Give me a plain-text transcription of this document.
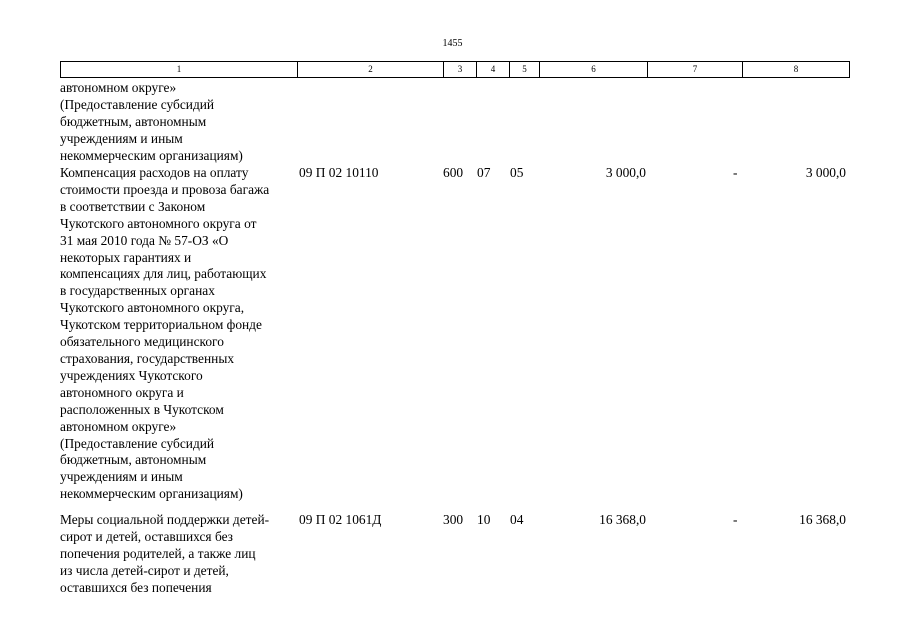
1455
1	2	3	4	5	6	7	8
автономном округе»
(Предоставление субсидий
бюджетным, автономным
учреждениям и иным
некоммерческим организациям)
Компенсация расходов на оплату
стоимости проезда и провоза багажа
в соответствии с Законом
Чукотского автономного округа от
31 мая 2010 года № 57-ОЗ «О
некоторых гарантиях и
компенсациях для лиц, работающих
в государственных органах
Чукотского автономного округа,
Чукотском территориальном фонде
обязательного медицинского
страхования, государственных
учреждениях Чукотского
автономного округа и
расположенных в Чукотском
автономном округе»
(Предоставление субсидий
бюджетным, автономным
учреждениям и иным
некоммерческим организациям)
09 П 02 10110	600 07 05	3 000,0	-	3 000,0
Меры социальной поддержки детей-
сирот и детей, оставшихся без
попечения родителей, а также лиц
из числа детей-сирот и детей,
оставшихся без попечения
09 П 02 1061Д	300 10 04	16 368,0	-	16 368,0
